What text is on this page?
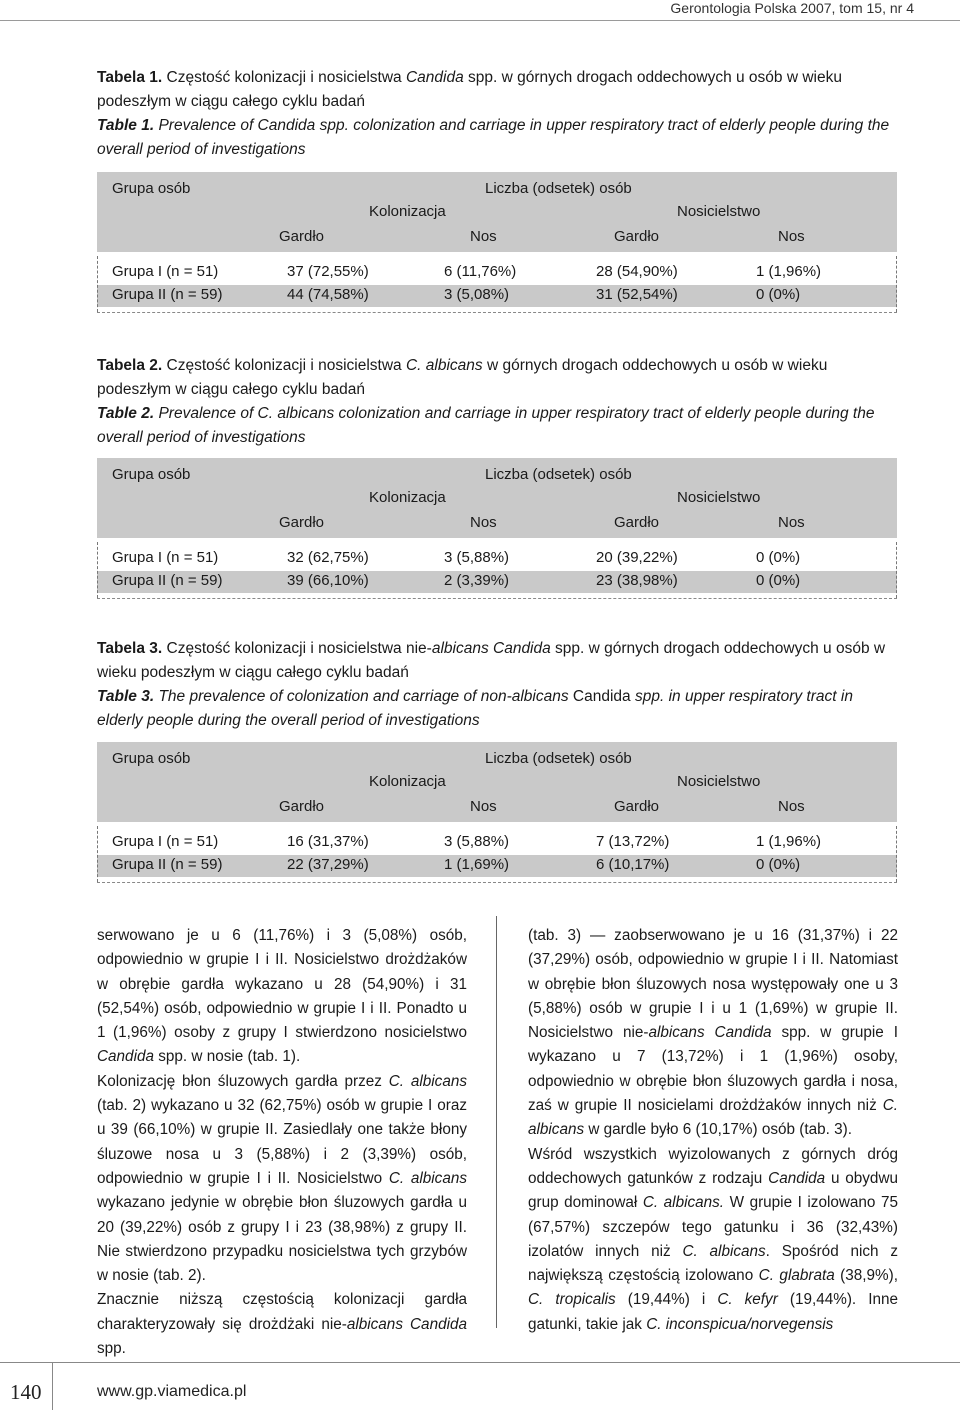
Gerontologia Polska 2007, tom 15, nr 4
Tabela 1. Częstość kolonizacji i nosicielstwa Candida spp. w górnych drogach oddechowych u osób w wieku podeszłym w ciągu całego cyklu badań
Table 1. Prevalence of Candida spp. colonization and carriage in upper respiratory tract of elderly people during the overall period of investigations
Grupa osób	Liczba (odsetek) osób
Kolonizacja	Nosicielstwo
Gardło	Nos	Gardło	Nos
Grupa I (n = 51)	37 (72,55%)	6 (11,76%)	28 (54,90%)	1 (1,96%)
Grupa II (n = 59)	44 (74,58%)	3 (5,08%)	31 (52,54%)	0 (0%)
Tabela 2. Częstość kolonizacji i nosicielstwa C. albicans w górnych drogach oddechowych u osób w wieku podeszłym w ciągu całego cyklu badań
Table 2. Prevalence of C. albicans colonization and carriage in upper respiratory tract of elderly people during the overall period of investigations
Grupa osób	Liczba (odsetek) osób
Kolonizacja	Nosicielstwo
Gardło	Nos	Gardło	Nos
Grupa I (n = 51)	32 (62,75%)	3 (5,88%)	20 (39,22%)	0 (0%)
Grupa II (n = 59)	39 (66,10%)	2 (3,39%)	23 (38,98%)	0 (0%)
Tabela 3. Częstość kolonizacji i nosicielstwa nie-albicans Candida spp. w górnych drogach oddechowych u osób w wieku podeszłym w ciągu całego cyklu badań
Table 3. The prevalence of colonization and carriage of non-albicans Candida spp. in upper respiratory tract in elderly people during the overall period of investigations
Grupa osób	Liczba (odsetek) osób
Kolonizacja	Nosicielstwo
Gardło	Nos	Gardło	Nos
Grupa I (n = 51)	16 (31,37%)	3 (5,88%)	7 (13,72%)	1 (1,96%)
Grupa II (n = 59)	22 (37,29%)	1 (1,69%)	6 (10,17%)	0 (0%)

serwowano je u 6 (11,76%) i 3 (5,08%) osób, odpowiednio w grupie I i II. Nosicielstwo drożdżaków w obrębie gardła wykazano u 28 (54,90%) i 31 (52,54%) osób, odpowiednio w grupie I i II. Ponadto u 1 (1,96%) osoby z grupy I stwierdzono nosicielstwo Candida spp. w nosie (tab. 1).

Kolonizację błon śluzowych gardła przez C. albicans (tab. 2) wykazano u 32 (62,75%) osób w grupie I oraz u 39 (66,10%) w grupie II. Zasiedlały one także błony śluzowe nosa u 3 (5,88%) i 2 (3,39%) osób, odpowiednio w grupie I i II. Nosicielstwo C. albicans wykazano jedynie w obrębie błon śluzowych gardła u 20 (39,22%) osób z grupy I i 23 (38,98%) z grupy II. Nie stwierdzono przypadku nosicielstwa tych grzybów w nosie (tab. 2).

Znacznie niższą częstością kolonizacji gardła charakteryzowały się drożdżaki nie-albicans Candida spp.

(tab. 3) — zaobserwowano je u 16 (31,37%) i 22 (37,29%) osób, odpowiednio w grupie I i II. Natomiast w obrębie błon śluzowych nosa występowały one u 3 (5,88%) osób w grupie I i u 1 (1,69%) w grupie II. Nosicielstwo nie-albicans Candida spp. w grupie I wykazano u 7 (13,72%) i 1 (1,96%) osoby, odpowiednio w obrębie błon śluzowych gardła i nosa, zaś w grupie II nosicielami drożdżaków innych niż C. albicans w gardle było 6 (10,17%) osób (tab. 3).

Wśród wszystkich wyizolowanych z górnych dróg oddechowych gatunków z rodzaju Candida u obydwu grup dominował C. albicans. W grupie I izolowano 75 (67,57%) szczepów tego gatunku i 36 (32,43%) izolatów innych niż C. albicans. Spośród nich z największą częstością izolowano C. glabrata (38,9%), C. tropicalis (19,44%) i C. kefyr (19,44%). Inne gatunki, takie jak C. inconspicua/norvegensis

140	www.gp.viamedica.pl
